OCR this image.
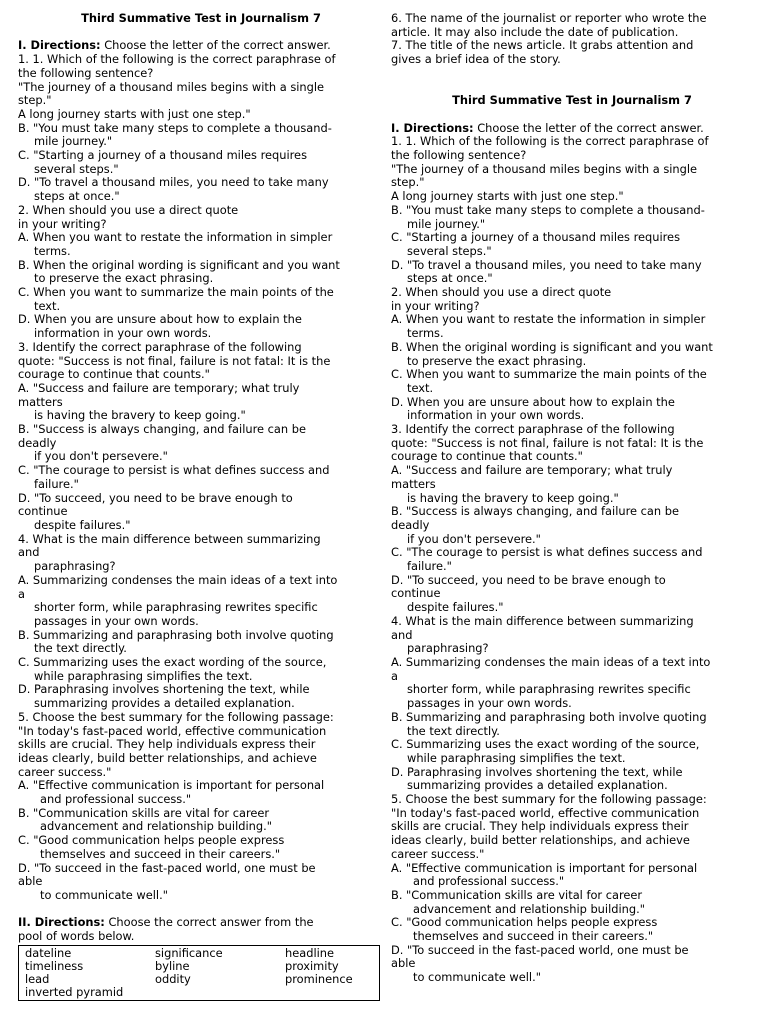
Third Summative Test in Journalism 7
I. Directions: Choose the letter of the correct answer.
1. 1. Which of the following is the correct paraphrase of
the following sentence?
"The journey of a thousand miles begins with a single
step."
A long journey starts with just one step."
B. "You must take many steps to complete a thousand-
mile journey."
C. "Starting a journey of a thousand miles requires
several steps."
D. "To travel a thousand miles, you need to take many
steps at once."
2. When should you use a direct quote
in your writing?
A. When you want to restate the information in simpler
terms.
B. When the original wording is significant and you want
to preserve the exact phrasing.
C. When you want to summarize the main points of the
text.
D. When you are unsure about how to explain the
information in your own words.
3. Identify the correct paraphrase of the following
quote: "Success is not final, failure is not fatal: It is the
courage to continue that counts."
A. "Success and failure are temporary; what truly
matters
is having the bravery to keep going."
B. "Success is always changing, and failure can be
deadly
if you don't persevere."
C. "The courage to persist is what defines success and
failure."
D. "To succeed, you need to be brave enough to
continue
despite failures."
4. What is the main difference between summarizing
and
paraphrasing?
A. Summarizing condenses the main ideas of a text into
a
shorter form, while paraphrasing rewrites specific
passages in your own words.
B. Summarizing and paraphrasing both involve quoting
the text directly.
C. Summarizing uses the exact wording of the source,
while paraphrasing simplifies the text.
D. Paraphrasing involves shortening the text, while
summarizing provides a detailed explanation.
5. Choose the best summary for the following passage:
"In today's fast-paced world, effective communication
skills are crucial. They help individuals express their
ideas clearly, build better relationships, and achieve
career success."
A. "Effective communication is important for personal
and professional success."
B. "Communication skills are vital for career
advancement and relationship building."
C. "Good communication helps people express
themselves and succeed in their careers."
D. "To succeed in the fast-paced world, one must be
able
to communicate well."
II. Directions: Choose the correct answer from the
pool of words below.
dateline	significance	headline
timeliness	byline	proximity
lead	oddity	prominence
inverted pyramid
6. The name of the journalist or reporter who wrote the
article. It may also include the date of publication.
7. The title of the news article. It grabs attention and
gives a brief idea of the story.
Third Summative Test in Journalism 7
I. Directions: Choose the letter of the correct answer.
1. 1. Which of the following is the correct paraphrase of
the following sentence?
"The journey of a thousand miles begins with a single
step."
A long journey starts with just one step."
B. "You must take many steps to complete a thousand-
mile journey."
C. "Starting a journey of a thousand miles requires
several steps."
D. "To travel a thousand miles, you need to take many
steps at once."
2. When should you use a direct quote
in your writing?
A. When you want to restate the information in simpler
terms.
B. When the original wording is significant and you want
to preserve the exact phrasing.
C. When you want to summarize the main points of the
text.
D. When you are unsure about how to explain the
information in your own words.
3. Identify the correct paraphrase of the following
quote: "Success is not final, failure is not fatal: It is the
courage to continue that counts."
A. "Success and failure are temporary; what truly
matters
is having the bravery to keep going."
B. "Success is always changing, and failure can be
deadly
if you don't persevere."
C. "The courage to persist is what defines success and
failure."
D. "To succeed, you need to be brave enough to
continue
despite failures."
4. What is the main difference between summarizing
and
paraphrasing?
A. Summarizing condenses the main ideas of a text into
a
shorter form, while paraphrasing rewrites specific
passages in your own words.
B. Summarizing and paraphrasing both involve quoting
the text directly.
C. Summarizing uses the exact wording of the source,
while paraphrasing simplifies the text.
D. Paraphrasing involves shortening the text, while
summarizing provides a detailed explanation.
5. Choose the best summary for the following passage:
"In today's fast-paced world, effective communication
skills are crucial. They help individuals express their
ideas clearly, build better relationships, and achieve
career success."
A. "Effective communication is important for personal
and professional success."
B. "Communication skills are vital for career
advancement and relationship building."
C. "Good communication helps people express
themselves and succeed in their careers."
D. "To succeed in the fast-paced world, one must be
able
to communicate well."
